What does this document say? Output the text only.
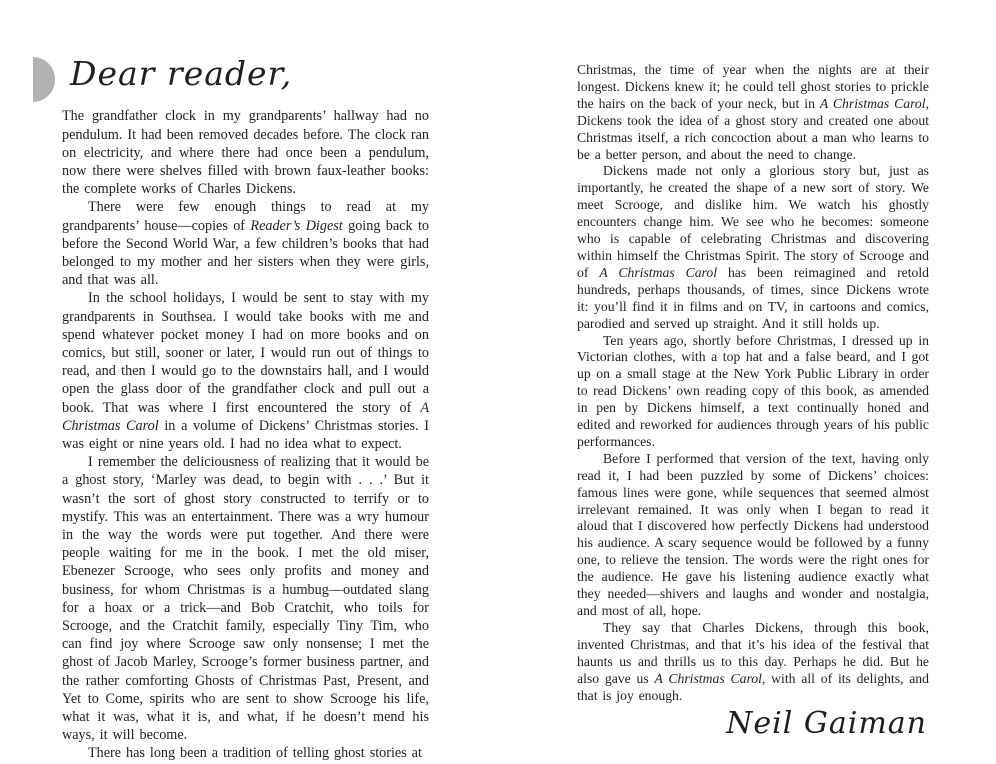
Dear reader,

The grandfather clock in my grandparents’ hallway had no pendulum. It had been removed decades before. The clock ran on electricity, and where there had once been a pendulum, now there were shelves filled with brown faux-leather books: the complete works of Charles Dickens.

There were few enough things to read at my grandparents’ house—copies of Reader’s Digest going back to before the Second World War, a few children’s books that had belonged to my mother and her sisters when they were girls, and that was all.

In the school holidays, I would be sent to stay with my grandparents in Southsea. I would take books with me and spend whatever pocket money I had on more books and on comics, but still, sooner or later, I would run out of things to read, and then I would go to the downstairs hall, and I would open the glass door of the grandfather clock and pull out a book. That was where I first encountered the story of A Christmas Carol in a volume of Dickens’ Christmas stories. I was eight or nine years old. I had no idea what to expect.

I remember the deliciousness of realizing that it would be a ghost story, ‘Marley was dead, to begin with . . .’ But it wasn’t the sort of ghost story constructed to terrify or to mystify. This was an entertainment. There was a wry humour in the way the words were put together. And there were people waiting for me in the book. I met the old miser, Ebenezer Scrooge, who sees only profits and money and business, for whom Christmas is a humbug—outdated slang for a hoax or a trick—and Bob Cratchit, who toils for Scrooge, and the Cratchit family, especially Tiny Tim, who can find joy where Scrooge saw only nonsense; I met the ghost of Jacob Marley, Scrooge’s former business partner, and the rather comforting Ghosts of Christmas Past, Present, and Yet to Come, spirits who are sent to show Scrooge his life, what it was, what it is, and what, if he doesn’t mend his ways, it will become.

There has long been a tradition of telling ghost stories at

Christmas, the time of year when the nights are at their longest. Dickens knew it; he could tell ghost stories to prickle the hairs on the back of your neck, but in A Christmas Carol, Dickens took the idea of a ghost story and created one about Christmas itself, a rich concoction about a man who learns to be a better person, and about the need to change.

Dickens made not only a glorious story but, just as importantly, he created the shape of a new sort of story. We meet Scrooge, and dislike him. We watch his ghostly encounters change him. We see who he becomes: someone who is capable of celebrating Christmas and discovering within himself the Christmas Spirit. The story of Scrooge and of A Christmas Carol has been reimagined and retold hundreds, perhaps thousands, of times, since Dickens wrote it: you’ll find it in films and on TV, in cartoons and comics, parodied and served up straight. And it still holds up.

Ten years ago, shortly before Christmas, I dressed up in Victorian clothes, with a top hat and a false beard, and I got up on a small stage at the New York Public Library in order to read Dickens’ own reading copy of this book, as amended in pen by Dickens himself, a text continually honed and edited and reworked for audiences through years of his public performances.

Before I performed that version of the text, having only read it, I had been puzzled by some of Dickens’ choices: famous lines were gone, while sequences that seemed almost irrelevant remained. It was only when I began to read it aloud that I discovered how perfectly Dickens had understood his audience. A scary sequence would be followed by a funny one, to relieve the tension. The words were the right ones for the audience. He gave his listening audience exactly what they needed—shivers and laughs and wonder and nostalgia, and most of all, hope.

They say that Charles Dickens, through this book, invented Christmas, and that it’s his idea of the festival that haunts us and thrills us to this day. Perhaps he did. But he also gave us A Christmas Carol, with all of its delights, and that is joy enough.

Neil Gaiman
